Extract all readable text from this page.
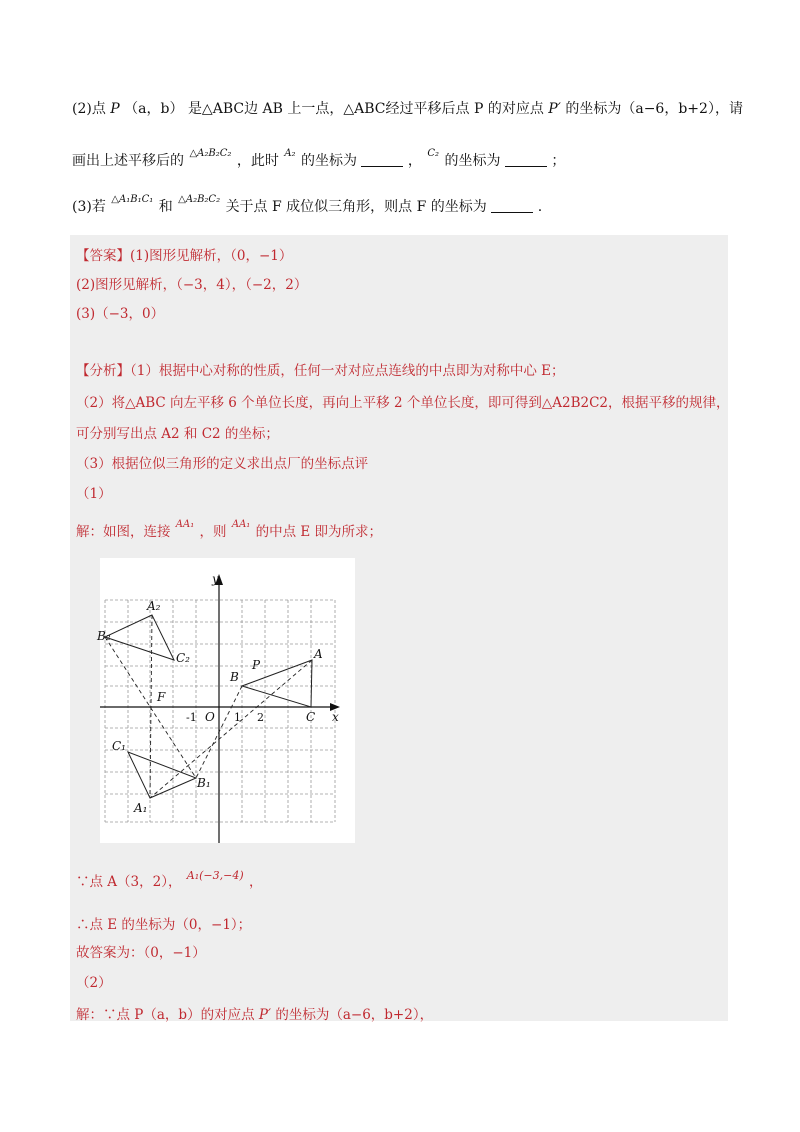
(2)点 P （a，b） 是△ABC边 AB 上一点，△ABC经过平移后点 P 的对应点 P′ 的坐标为（a−6，b+2），请
画出上述平移后的 $^{\triangle A_2B_2C_2}$ ，此时 $^{A_2}$ 的坐标为	， $^{C_2}$ 的坐标为	；
(3)若 $^{\triangle A_1B_1C_1}$ 和 $^{\triangle A_2B_2C_2}$ 关于点 F 成位似三角形，则点 F 的坐标为	.
【答案】(1)图形见解析，（0，−1）
(2)图形见解析，（−3，4），（−2，2）
(3)（−3，0）
【分析】（1）根据中心对称的性质，任何一对对应点连线的中点即为对称中心 E；
（2）将△ABC 向左平移 6 个单位长度，再向上平移 2 个单位长度，即可得到△A2B2C2，根据平移的规律，
可分别写出点 A2 和 C2 的坐标；
（3）根据位似三角形的定义求出点厂的坐标点评
（1）
解：如图，连接 $^{AA_1}$ ，则 $^{AA_1}$ 的中点 E 即为所求；
y
x
O
A
B
C
P
F
A₁
B₁
C₁
A₂
B₂
C₂
-1	1 2
∵点 A（3，2）， $^{A_1(-3,-4)}$ ，
∴点 E 的坐标为（0，−1）；
故答案为：（0，−1）
（2）
解：∵点 P（a，b）的对应点 P′ 的坐标为（a−6，b+2），
